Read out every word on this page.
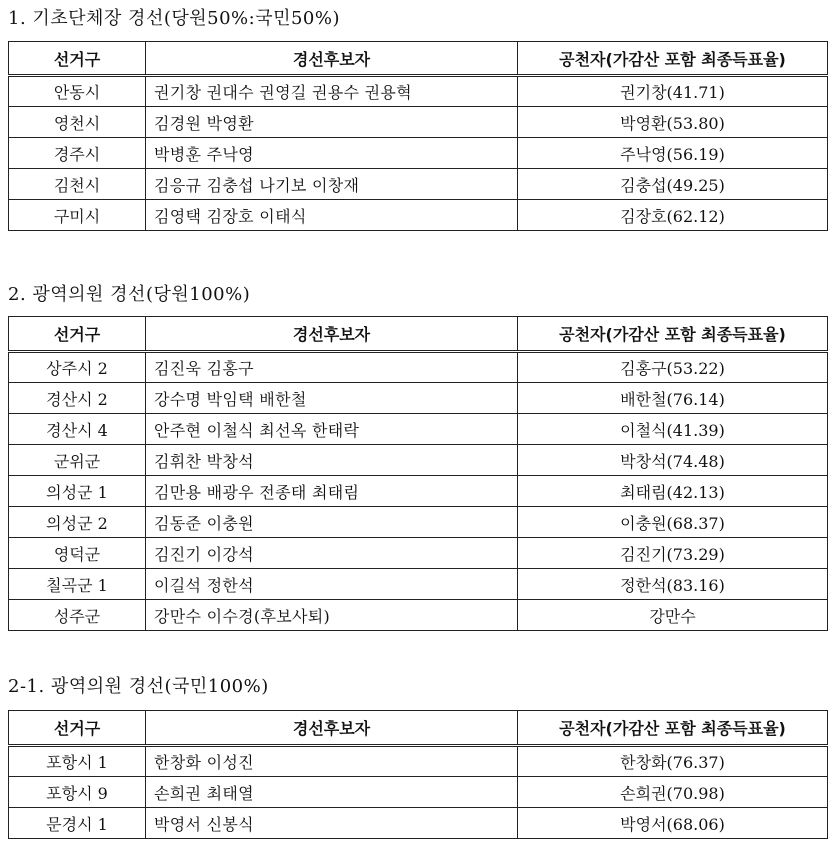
1. 기초단체장 경선(당원50%:국민50%)
선거구	경선후보자	공천자(가감산 포함 최종득표율)
안동시	권기창 권대수 권영길 권용수 권용혁	권기창(41.71)
영천시	김경원 박영환	박영환(53.80)
경주시	박병훈 주낙영	주낙영(56.19)
김천시	김응규 김충섭 나기보 이창재	김충섭(49.25)
구미시	김영택 김장호 이태식	김장호(62.12)
2. 광역의원 경선(당원100%)
선거구	경선후보자	공천자(가감산 포함 최종득표율)
상주시 2	김진욱 김홍구	김홍구(53.22)
경산시 2	강수명 박임택 배한철	배한철(76.14)
경산시 4	안주현 이철식 최선옥 한태락	이철식(41.39)
군위군	김휘찬 박창석	박창석(74.48)
의성군 1	김만용 배광우 전종태 최태림	최태림(42.13)
의성군 2	김동준 이충원	이충원(68.37)
영덕군	김진기 이강석	김진기(73.29)
칠곡군 1	이길석 정한석	정한석(83.16)
성주군	강만수 이수경(후보사퇴)	강만수
2-1. 광역의원 경선(국민100%)
선거구	경선후보자	공천자(가감산 포함 최종득표율)
포항시 1	한창화 이성진	한창화(76.37)
포항시 9	손희권 최태열	손희권(70.98)
문경시 1	박영서 신봉식	박영서(68.06)
